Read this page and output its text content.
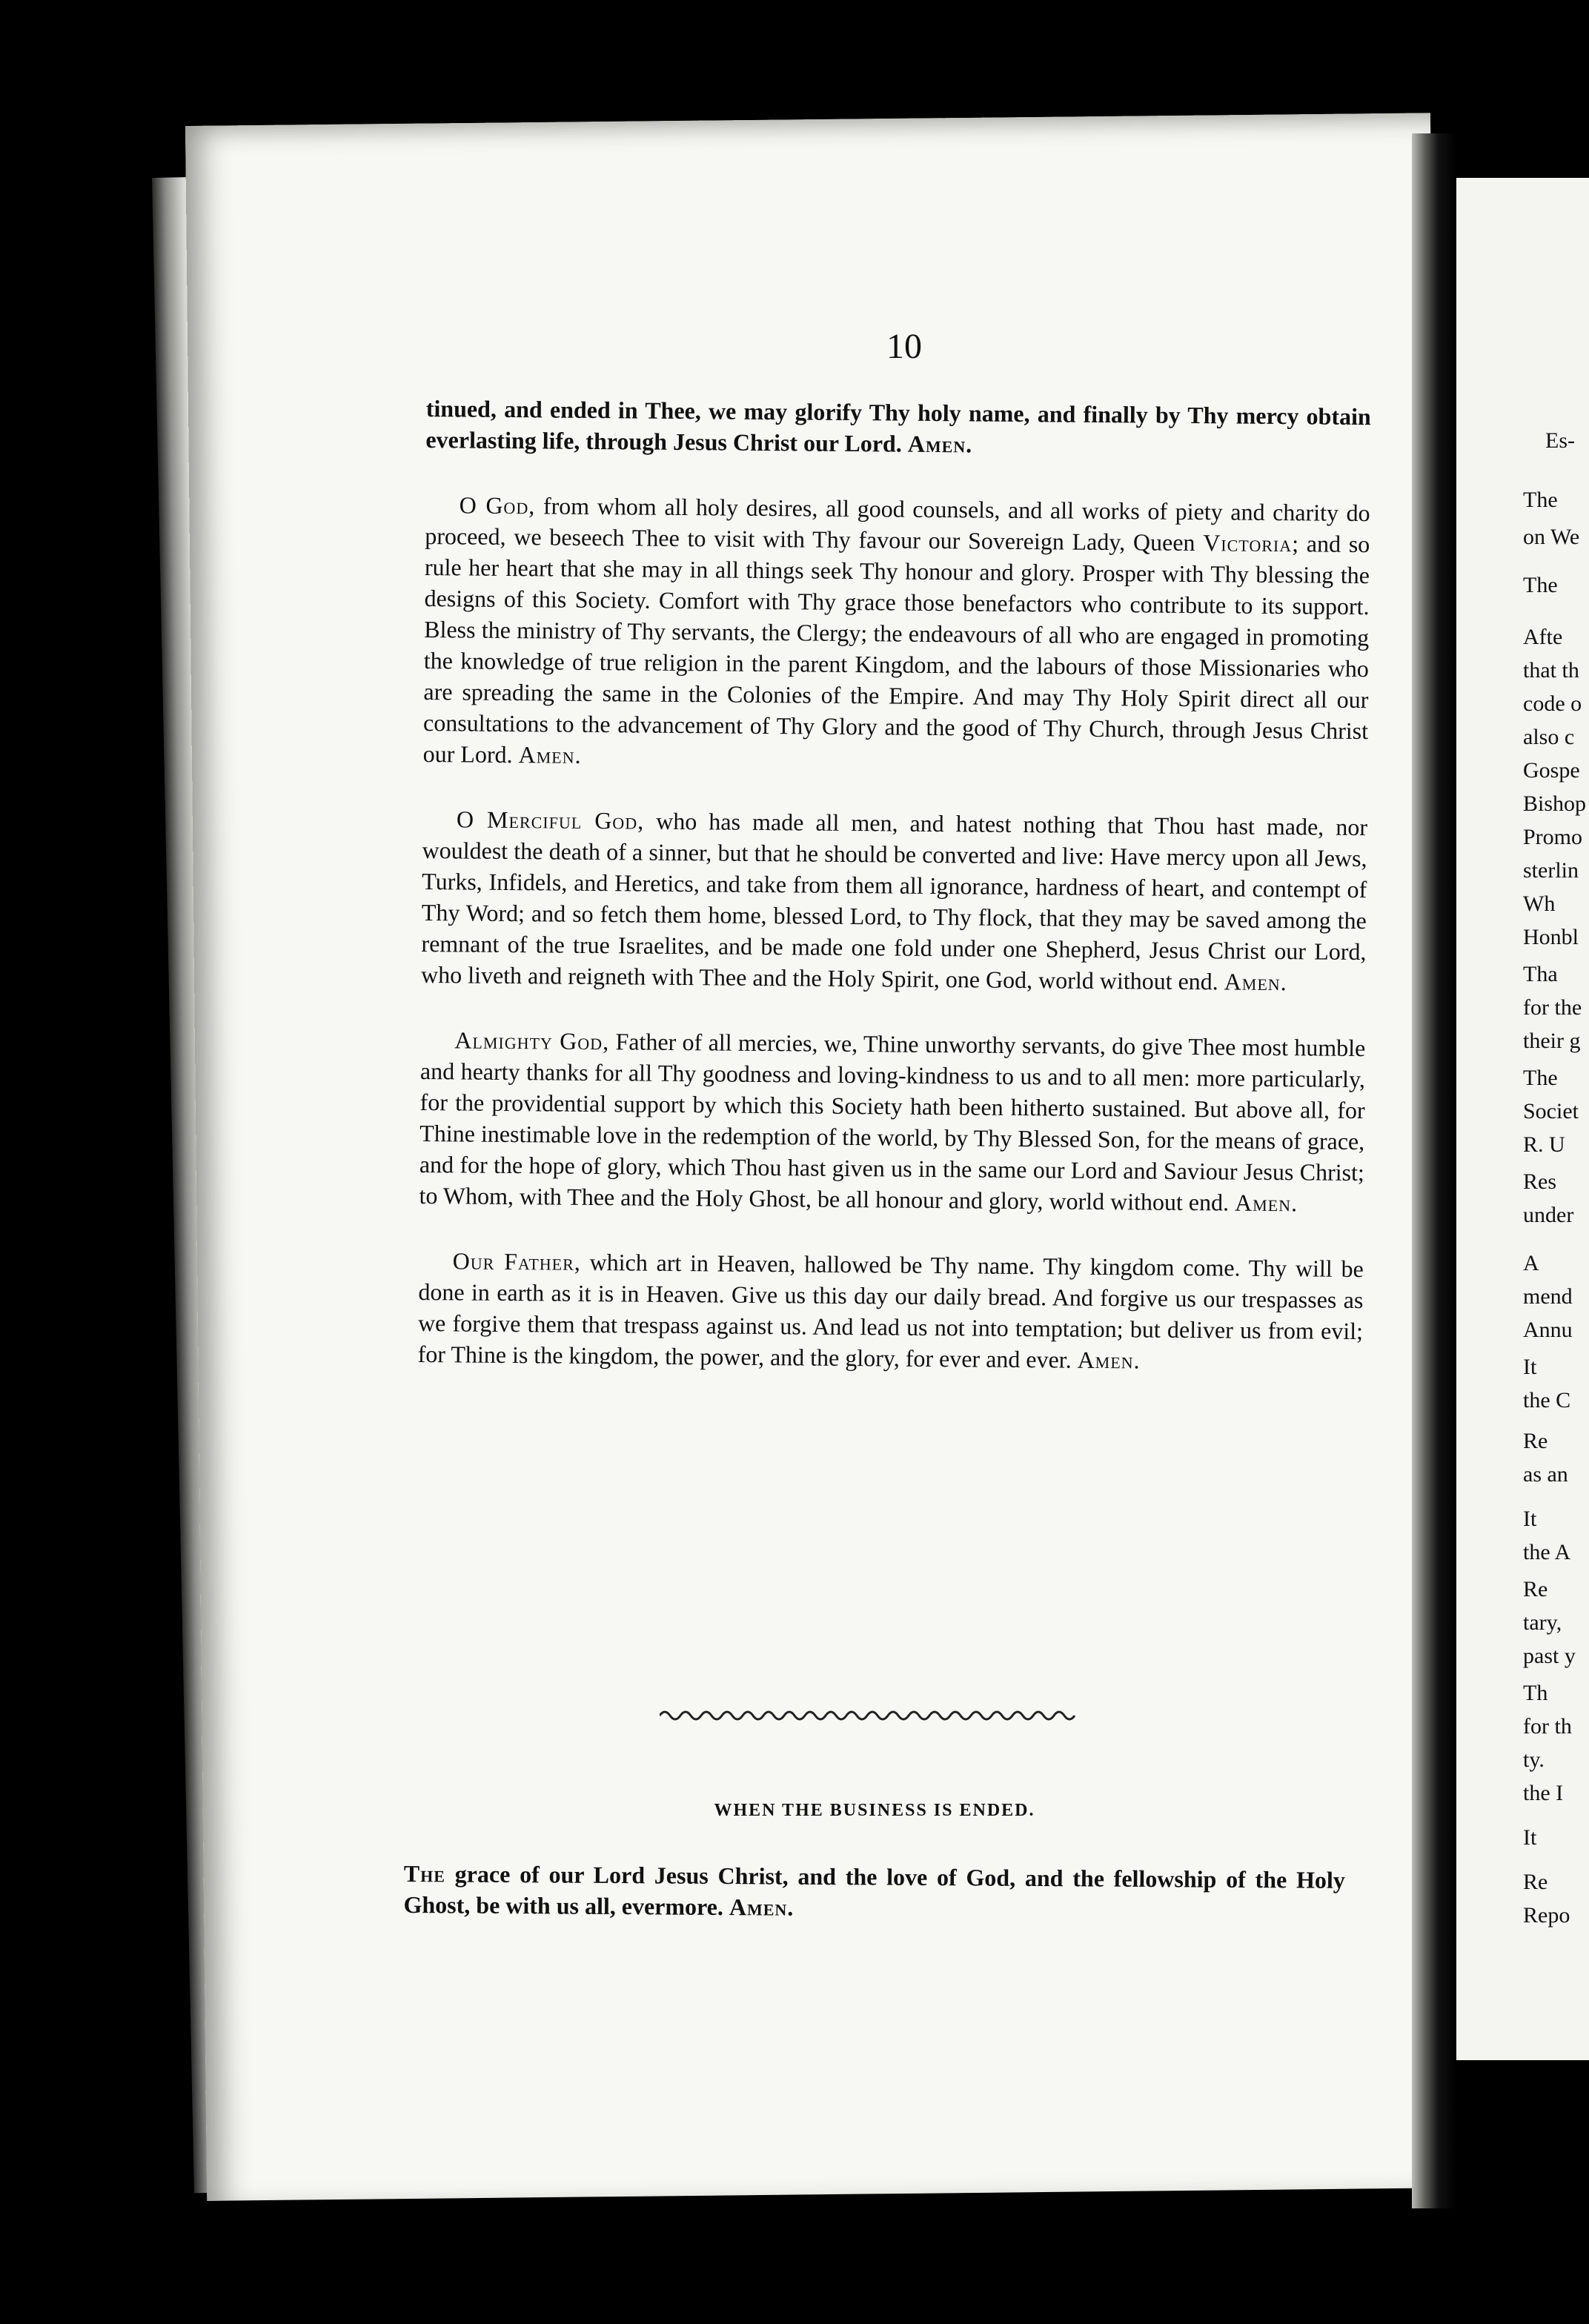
10

tinued, and ended in Thee, we may glorify Thy holy name, and finally by Thy mercy obtain everlasting life, through Jesus Christ our Lord. Amen.

O God, from whom all holy desires, all good counsels, and all works of piety and charity do proceed, we beseech Thee to visit with Thy favour our Sovereign Lady, Queen Victoria; and so rule her heart that she may in all things seek Thy honour and glory. Prosper with Thy blessing the designs of this Society. Comfort with Thy grace those benefactors who contribute to its support. Bless the ministry of Thy servants, the Clergy; the endeavours of all who are engaged in promoting the knowledge of true religion in the parent Kingdom, and the labours of those Missionaries who are spreading the same in the Colonies of the Empire. And may Thy Holy Spirit direct all our consultations to the advancement of Thy Glory and the good of Thy Church, through Jesus Christ our Lord. Amen.

O Merciful God, who has made all men, and hatest nothing that Thou hast made, nor wouldest the death of a sinner, but that he should be converted and live: Have mercy upon all Jews, Turks, Infidels, and Heretics, and take from them all ignorance, hardness of heart, and contempt of Thy Word; and so fetch them home, blessed Lord, to Thy flock, that they may be saved among the remnant of the true Israelites, and be made one fold under one Shepherd, Jesus Christ our Lord, who liveth and reigneth with Thee and the Holy Spirit, one God, world without end. Amen.

Almighty God, Father of all mercies, we, Thine unworthy servants, do give Thee most humble and hearty thanks for all Thy goodness and loving-kindness to us and to all men: more particularly, for the providential support by which this Society hath been hitherto sustained. But above all, for Thine inestimable love in the redemption of the world, by Thy Blessed Son, for the means of grace, and for the hope of glory, which Thou hast given us in the same our Lord and Saviour Jesus Christ; to Whom, with Thee and the Holy Ghost, be all honour and glory, world without end. Amen.

Our Father, which art in Heaven, hallowed be Thy name. Thy kingdom come. Thy will be done in earth as it is in Heaven. Give us this day our daily bread. And forgive us our trespasses as we forgive them that trespass against us. And lead us not into temptation; but deliver us from evil; for Thine is the kingdom, the power, and the glory, for ever and ever. Amen.

WHEN THE BUSINESS IS ENDED.

The grace of our Lord Jesus Christ, and the love of God, and the fellowship of the Holy Ghost, be with us all, evermore. Amen.

Es-
The
on We
The
Afte
that th
code o
also c
Gospe
Bishop
Promo
sterlin
Wh
Honbl
Tha
for the
their g
The
Societ
R. U
Res
under
A
mend
Annu
It
the C
Re
as an
It
the A
Re
tary,
past y
Th
for th
ty.
the I
It
Re
Repo
